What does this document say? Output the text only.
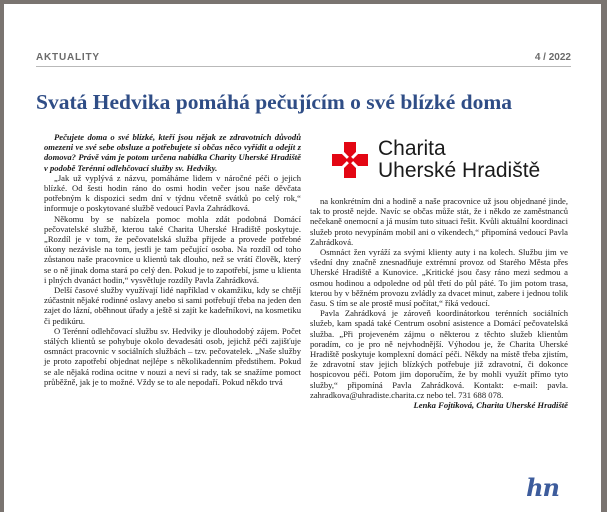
AKTUALITY	4 / 2022
Svatá Hedvika pomáhá pečujícím o své blízké doma

Pečujete doma o své blízké, kteří jsou nějak ze zdravotních důvodů omezeni ve své sebe obsluze a potřebujete si občas něco vyřídit a odejít z domova? Právě vám je potom určena nabídka Charity Uherské Hradiště v podobě Terénní odlehčovací služby sv. Hedviky.

„Jak už vyplývá z názvu, pomáháme lidem v náročné péči o jejich blízké. Od šesti hodin ráno do osmi hodin večer jsou naše děvčata potřebným k dispozici sedm dní v týdnu včetně svátků po celý rok,“ informuje o poskytované službě vedoucí Pavla Zahrádková.

Někomu by se nabízela pomoc mohla zdát podobná Domácí pečovatelské službě, kterou také Charita Uherské Hradiště poskytuje. „Rozdíl je v tom, že pečovatelská služba přijede a provede potřebné úkony nezávisle na tom, jestli je tam pečující osoba. Na rozdíl od toho zůstanou naše pracovnice u klientů tak dlouho, než se vrátí člověk, který se o ně jinak doma stará po celý den. Pokud je to zapotřebí, jsme u klienta i plných dvanáct hodin,“ vysvětluje rozdíly Pavla Zahrádková.

Delší časové služby využívají lidé například v okamžiku, kdy se chtějí zúčastnit nějaké rodinné oslavy anebo si sami potřebují třeba na jeden den zajet do lázní, oběhnout úřady a ještě si zajít ke kadeřníkovi, na kosmetiku či pedikúru.

O Terénní odlehčovací službu sv. Hedviky je dlouhodobý zájem. Počet stálých klientů se pohybuje okolo devadesáti osob, jejichž péči zajišťuje osmnáct pracovnic v sociálních službách – tzv. pečovatelek. „Naše služby je proto zapotřebí objednat nejlépe s několikadenním předstihem. Pokud se ale nějaká rodina ocitne v nouzi a neví si rady, tak se snažíme pomoct průběžně, jak je to možné. Vždy se to ale nepodaří. Pokud někdo trvá

Charita
Uherské Hradiště

na konkrétním dni a hodině a naše pracovnice už jsou objednané jinde, tak to prostě nejde. Navíc se občas může stát, že i někdo ze zaměstnanců nečekaně onemocní a já musím tuto situaci řešit. Kvůli aktuální koordinaci služeb proto nevypínám mobil ani o víkendech,“ připomíná vedoucí Pavla Zahrádková.

Osmnáct žen vyráží za svými klienty auty i na kolech. Službu jim ve všední dny značně znesnadňuje extrémní provoz od Starého Města přes Uherské Hradiště a Kunovice. „Kritické jsou časy ráno mezi sedmou a osmou hodinou a odpoledne od půl třetí do půl páté. To jim potom trasa, kterou by v běžném provozu zvládly za dvacet minut, zabere i jednou tolik času. S tím se ale prostě musí počítat,“ říká vedoucí.

Pavla Zahrádková je zároveň koordinátorkou terénních sociálních služeb, kam spadá také Centrum osobní asistence a Domácí pečovatelská služba. „Při projeveném zájmu o některou z těchto služeb klientům poradím, co je pro ně nejvhodnější. Výhodou je, že Charita Uherské Hradiště poskytuje komplexní domácí péči. Někdy na místě třeba zjistím, že zdravotní stav jejich blízkých potřebuje již zdravotní, či dokonce hospicovou péči. Potom jim doporučím, že by mohli využít přímo tyto služby,“ připomíná Pavla Zahrádková. Kontakt: e-mail: pavla. zahradkova@uhradiste.charita.cz nebo tel. 731 688 078.

Lenka Fojtíková, Charita Uherské Hradiště

hn
